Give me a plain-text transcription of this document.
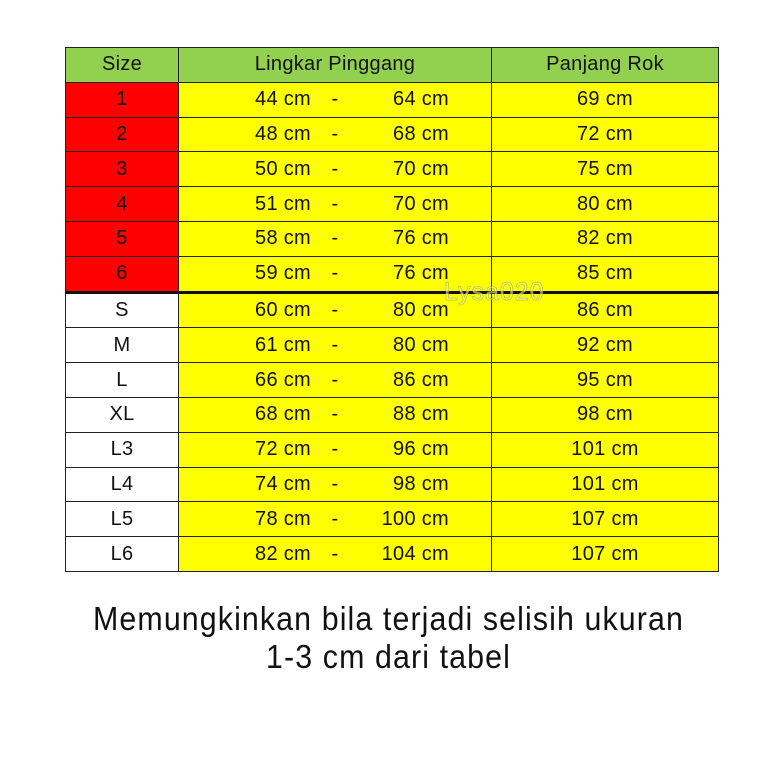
Size	Lingkar Pinggang	Panjang Rok
1	44 cm - 64 cm	69 cm
2	48 cm - 68 cm	72 cm
3	50 cm - 70 cm	75 cm
4	51 cm - 70 cm	80 cm
5	58 cm - 76 cm	82 cm
6	59 cm - 76 cm	85 cm
S	60 cm - 80 cm	86 cm
M	61 cm - 80 cm	92 cm
L	66 cm - 86 cm	95 cm
XL	68 cm - 88 cm	98 cm
L3	72 cm - 96 cm	101 cm
L4	74 cm - 98 cm	101 cm
L5	78 cm - 100 cm	107 cm
L6	82 cm - 104 cm	107 cm
Lysa020
Memungkinkan bila terjadi selisih ukuran
1-3 cm dari tabel
